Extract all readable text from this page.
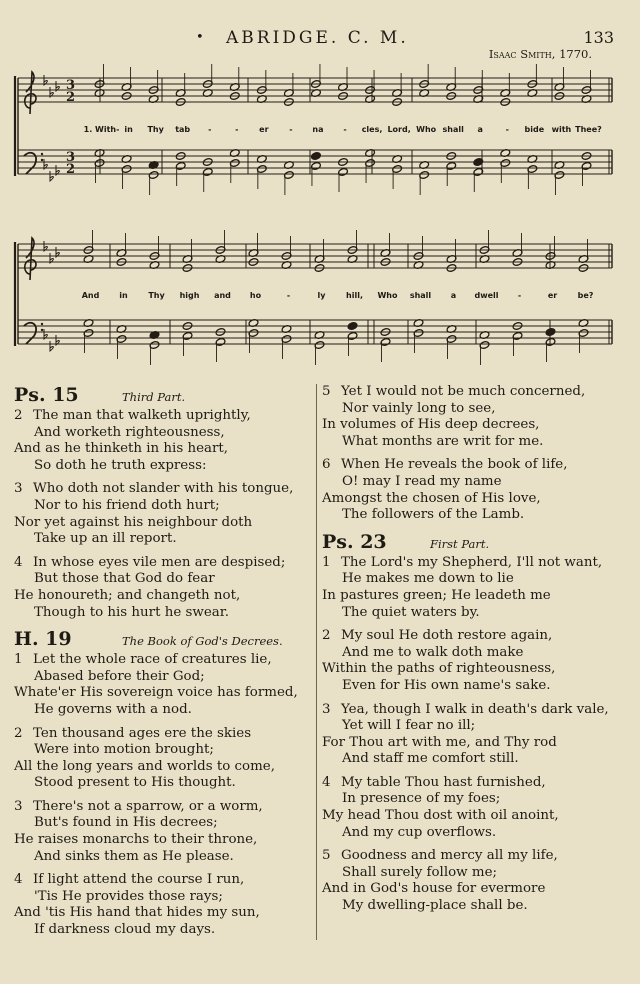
• ABRIDGE. C. M.	133
Isaac Smith, 1770.
3
2
3
2
1. With- in Thy tab -	-	er	- na - cles, Lord, Who shall a	- bide with Thee?
And in	Thy high and ho	-	ly	hill, Who shall a dwell -	er	be?
Ps. 15	Third Part.
2 The man that walketh uprightly,
And worketh righteousness,
And as he thinketh in his heart,
So doth he truth express:
3 Who doth not slander with his tongue,
Nor to his friend doth hurt;
Nor yet against his neighbour doth
Take up an ill report.
4 In whose eyes vile men are despised;
But those that God do fear
He honoureth; and changeth not,
Though to his hurt he swear.
H. 19	The Book of God's Decrees.
1 Let the whole race of creatures lie,
Abased before their God;
Whate'er His sovereign voice has formed,
He governs with a nod.
2 Ten thousand ages ere the skies
Were into motion brought;
All the long years and worlds to come,
Stood present to His thought.
3 There's not a sparrow, or a worm,
But's found in His decrees;
He raises monarchs to their throne,
And sinks them as He please.
4 If light attend the course I run,
'Tis He provides those rays;
And 'tis His hand that hides my sun,
If darkness cloud my days.
5 Yet I would not be much concerned,
Nor vainly long to see,
In volumes of His deep decrees,
What months are writ for me.
6 When He reveals the book of life,
O! may I read my name
Amongst the chosen of His love,
The followers of the Lamb.
Ps. 23	First Part.
1 The Lord's my Shepherd, I'll not want,
He makes me down to lie
In pastures green; He leadeth me
The quiet waters by.
2 My soul He doth restore again,
And me to walk doth make
Within the paths of righteousness,
Even for His own name's sake.
3 Yea, though I walk in death's dark vale,
Yet will I fear no ill;
For Thou art with me, and Thy rod
And staff me comfort still.
4 My table Thou hast furnished,
In presence of my foes;
My head Thou dost with oil anoint,
And my cup overflows.
5 Goodness and mercy all my life,
Shall surely follow me;
And in God's house for evermore
My dwelling-place shall be.
